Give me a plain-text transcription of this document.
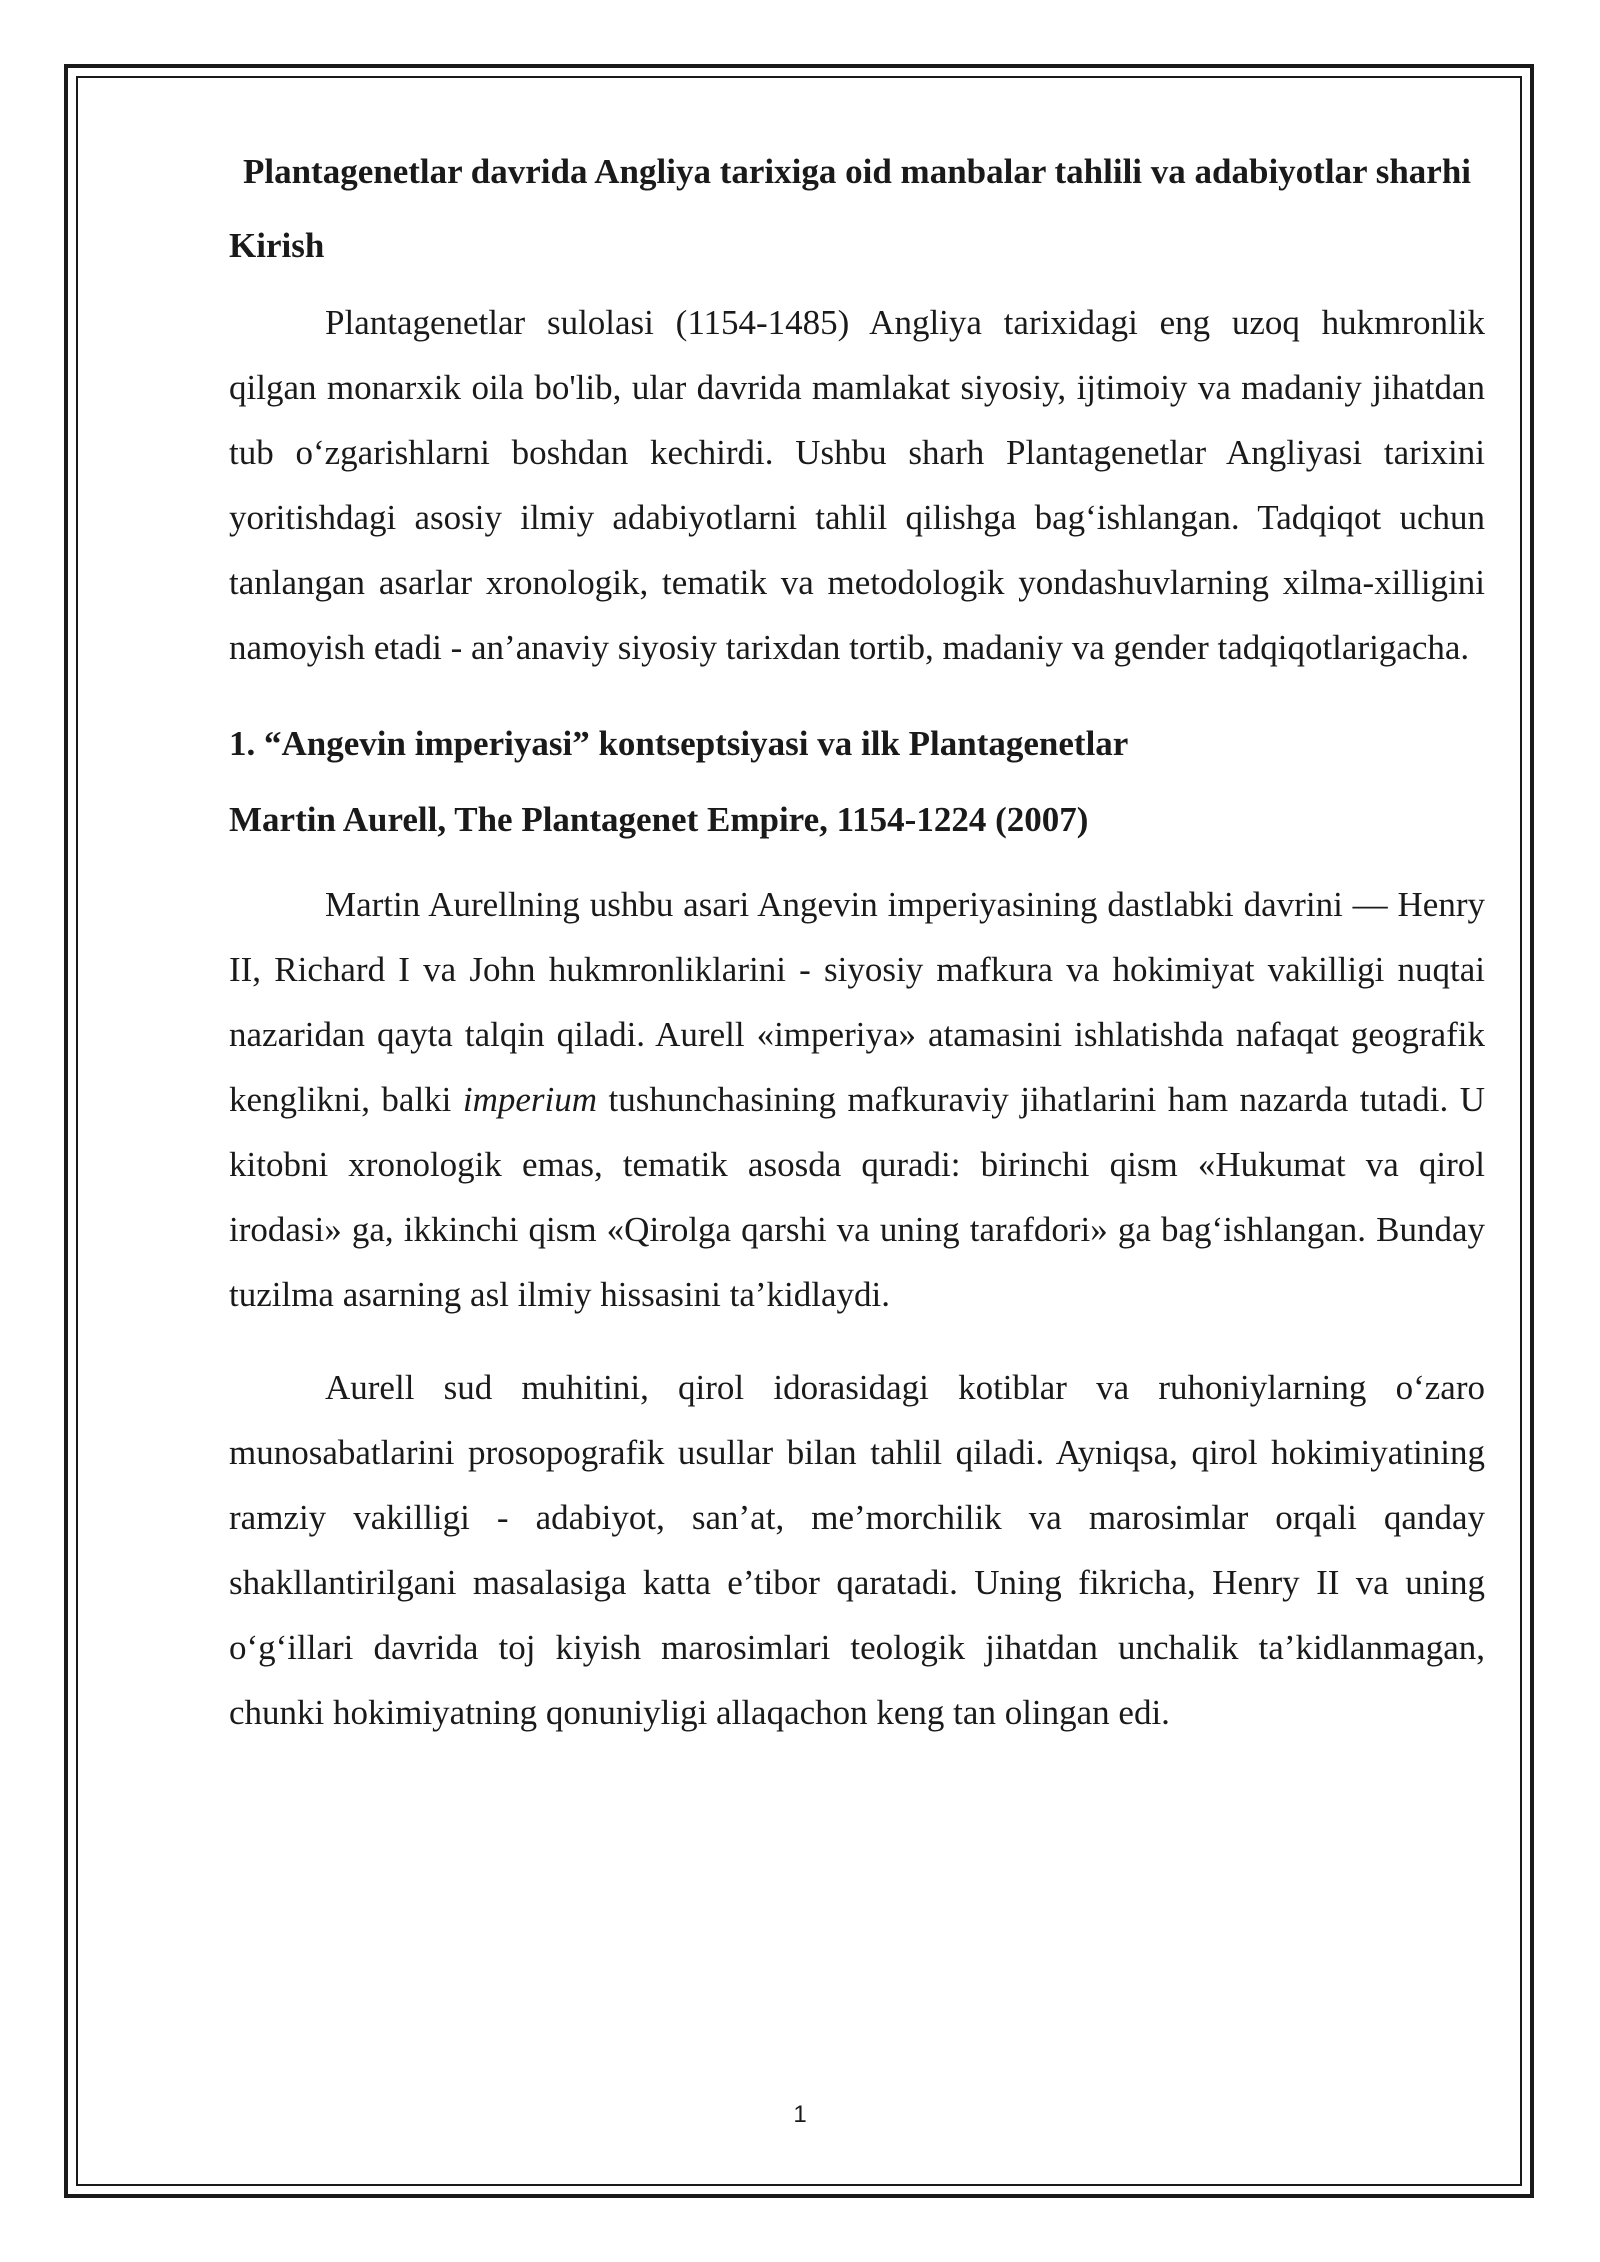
Plantagenetlar davrida Angliya tarixiga oid manbalar tahlili va adabiyotlar sharhi
Kirish

Plantagenetlar sulolasi (1154-1485) Angliya tarixidagi eng uzoq hukmronlik qilgan monarxik oila bo'lib, ular davrida mamlakat siyosiy, ijtimoiy va madaniy jihatdan tub o‘zgarishlarni boshdan kechirdi. Ushbu sharh Plantagenetlar Angliyasi tarixini yoritishdagi asosiy ilmiy adabiyotlarni tahlil qilishga bag‘ishlangan. Tadqiqot uchun tanlangan asarlar xronologik, tematik va metodologik yondashuvlarning xilma-xilligini namoyish etadi - an’anaviy siyosiy tarixdan tortib, madaniy va gender tadqiqotlarigacha.

1. “Angevin imperiyasi” kontseptsiyasi va ilk Plantagenetlar
Martin Aurell, The Plantagenet Empire, 1154-1224 (2007)

Martin Aurellning ushbu asari Angevin imperiyasining dastlabki davrini — Henry II, Richard I va John hukmronliklarini - siyosiy mafkura va hokimiyat vakilligi nuqtai nazaridan qayta talqin qiladi. Aurell «imperiya» atamasini ishlatishda nafaqat geografik kenglikni, balki imperium tushunchasining mafkuraviy jihatlarini ham nazarda tutadi. U kitobni xronologik emas, tematik asosda quradi: birinchi qism «Hukumat va qirol irodasi» ga, ikkinchi qism «Qirolga qarshi va uning tarafdori» ga bag‘ishlangan. Bunday tuzilma asarning asl ilmiy hissasini ta’kidlaydi.

Aurell sud muhitini, qirol idorasidagi kotiblar va ruhoniylarning o‘zaro munosabatlarini prosopografik usullar bilan tahlil qiladi. Ayniqsa, qirol hokimiyatining ramziy vakilligi - adabiyot, san’at, me’morchilik va marosimlar orqali qanday shakllantirilgani masalasiga katta e’tibor qaratadi. Uning fikricha, Henry II va uning o‘g‘illari davrida toj kiyish marosimlari teologik jihatdan unchalik ta’kidlanmagan, chunki hokimiyatning qonuniyligi allaqachon keng tan olingan edi.

1
